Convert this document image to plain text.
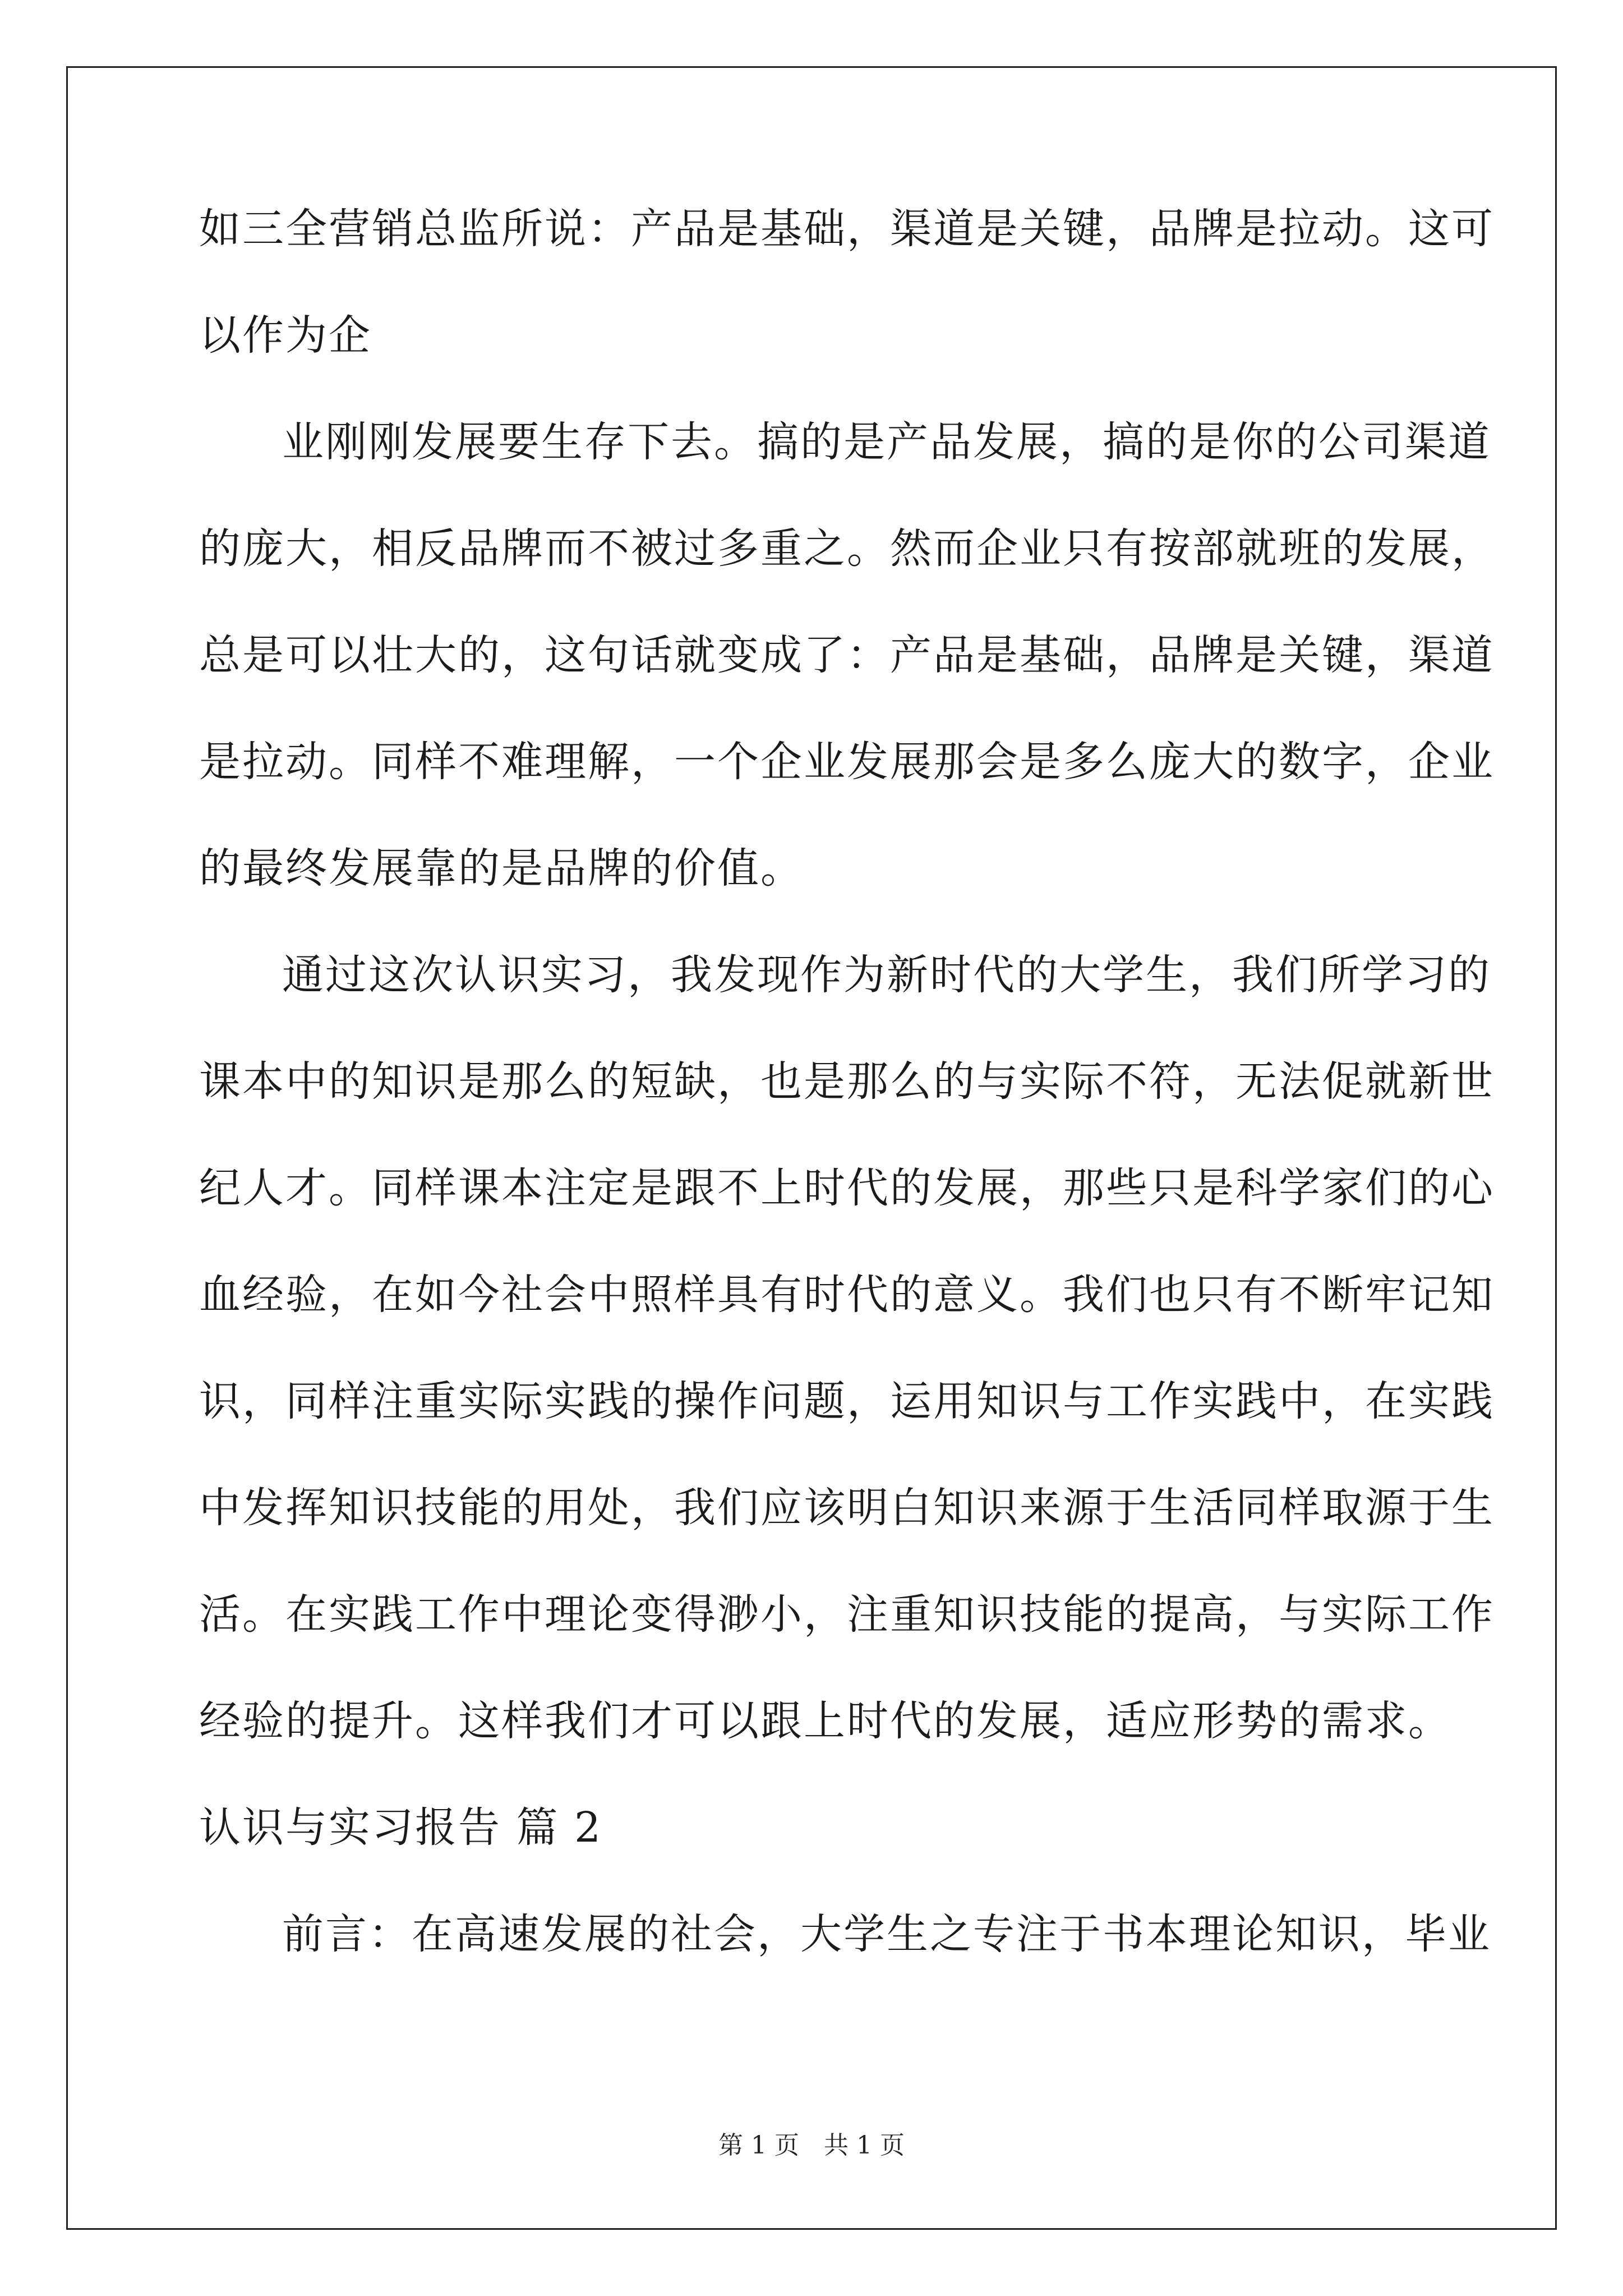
如三全营销总监所说：产品是基础，渠道是关键，品牌是拉动。这可
以作为企
业刚刚发展要生存下去。搞的是产品发展，搞的是你的公司渠道
的庞大，相反品牌而不被过多重之。然而企业只有按部就班的发展，
总是可以壮大的，这句话就变成了：产品是基础，品牌是关键，渠道
是拉动。同样不难理解，一个企业发展那会是多么庞大的数字，企业
的最终发展靠的是品牌的价值。
通过这次认识实习，我发现作为新时代的大学生，我们所学习的
课本中的知识是那么的短缺，也是那么的与实际不符，无法促就新世
纪人才。同样课本注定是跟不上时代的发展，那些只是科学家们的心
血经验，在如今社会中照样具有时代的意义。我们也只有不断牢记知
识，同样注重实际实践的操作问题，运用知识与工作实践中，在实践
中发挥知识技能的用处，我们应该明白知识来源于生活同样取源于生
活。在实践工作中理论变得渺小，注重知识技能的提高，与实际工作
经验的提升。这样我们才可以跟上时代的发展，适应形势的需求。
认识与实习报告 篇 2
前言：在高速发展的社会，大学生之专注于书本理论知识，毕业
第 1 页　共 1 页
